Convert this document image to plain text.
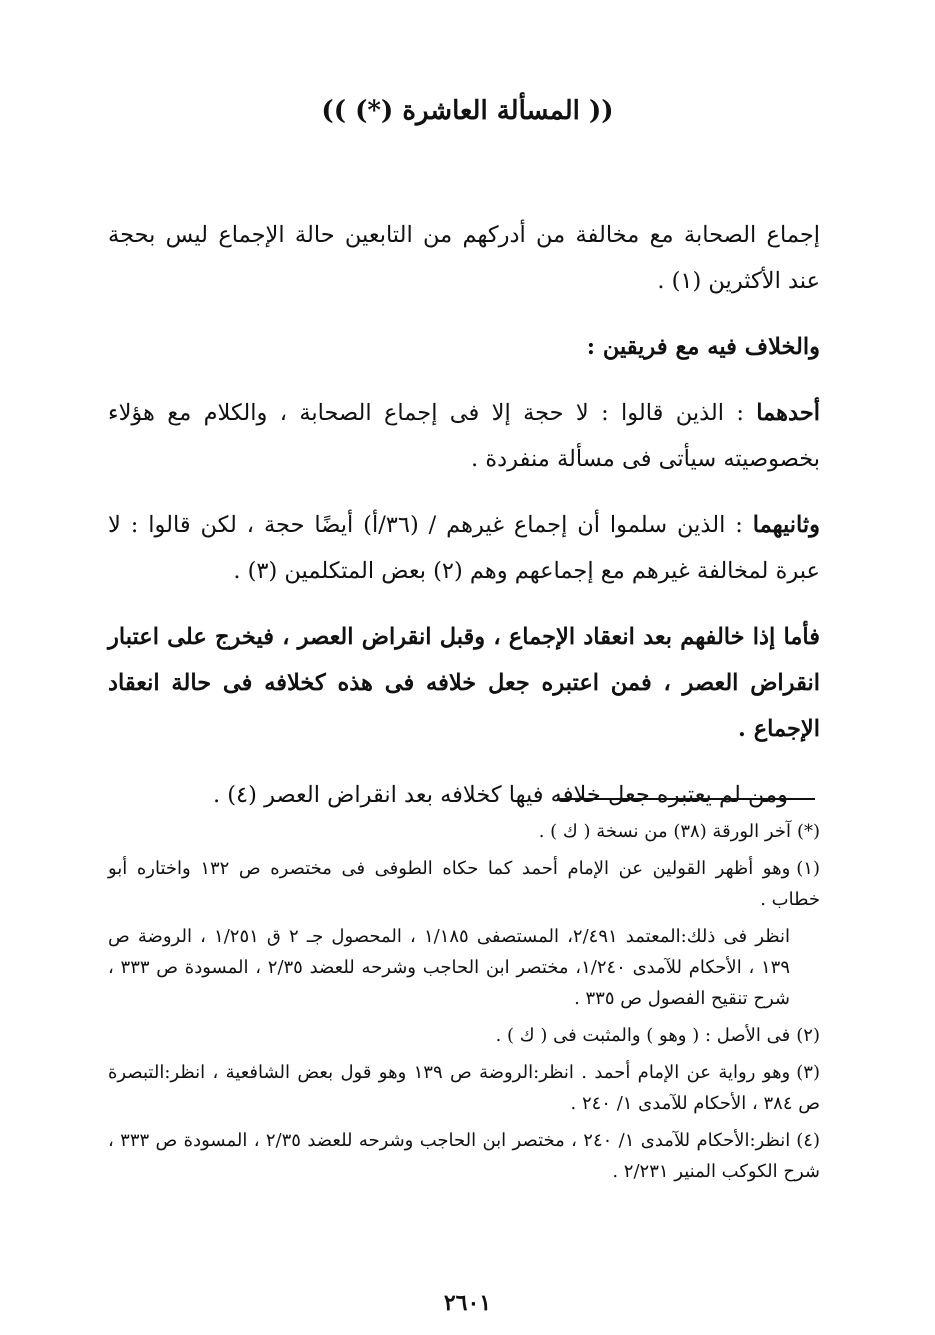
(( المسألة العاشرة (*) ))

إجماع الصحابة مع مخالفة من أدركهم من التابعين حالة الإجماع ليس بحجة عند الأكثرين (١) .

والخلاف فيه مع فريقين :

أحدهما : الذين قالوا : لا حجة إلا فى إجماع الصحابة ، والكلام مع هؤلاء بخصوصيته سيأتى فى مسألة منفردة .

وثانيهما : الذين سلموا أن إجماع غيرهم / (٣٦/أ) أيضًا حجة ، لكن قالوا : لا عبرة لمخالفة غيرهم مع إجماعهم وهم (٢) بعض المتكلمين (٣) .

فأما إذا خالفهم بعد انعقاد الإجماع ، وقبل انقراض العصر ، فيخرج على اعتبار انقراض العصر ، فمن اعتبره جعل خلافه فى هذه كخلافه فى حالة انعقاد الإجماع .

ومن لم يعتبره جعل خلافه فيها كخلافه بعد انقراض العصر (٤) .

(*)آخر الورقة (٣٨) من نسخة ( ك ) .

(١)وهو أظهر القولين عن الإمام أحمد كما حكاه الطوفى فى مختصره ص ١٣٢ واختاره أبو خطاب .

انظر فى ذلك:المعتمد ٢/٤٩١، المستصفى ١/١٨٥ ، المحصول جـ ٢ ق ١/٢٥١ ، الروضة ص ١٣٩ ، الأحكام للآمدى ١/٢٤٠، مختصر ابن الحاجب وشرحه للعضد ٢/٣٥ ، المسودة ص ٣٣٣ ، شرح تنقيح الفصول ص ٣٣٥ .

(٢)فى الأصل : ( وهو ) والمثبت فى ( ك ) .

(٣)وهو رواية عن الإمام أحمد . انظر:الروضة ص ١٣٩ وهو قول بعض الشافعية ، انظر:التبصرة ص ٣٨٤ ، الأحكام للآمدى ١/ ٢٤٠ .

(٤)انظر:الأحكام للآمدى ١/ ٢٤٠ ، مختصر ابن الحاجب وشرحه للعضد ٢/٣٥ ، المسودة ص ٣٣٣ ، شرح الكوكب المنير ٢/٢٣١ .

٢٦٠١
